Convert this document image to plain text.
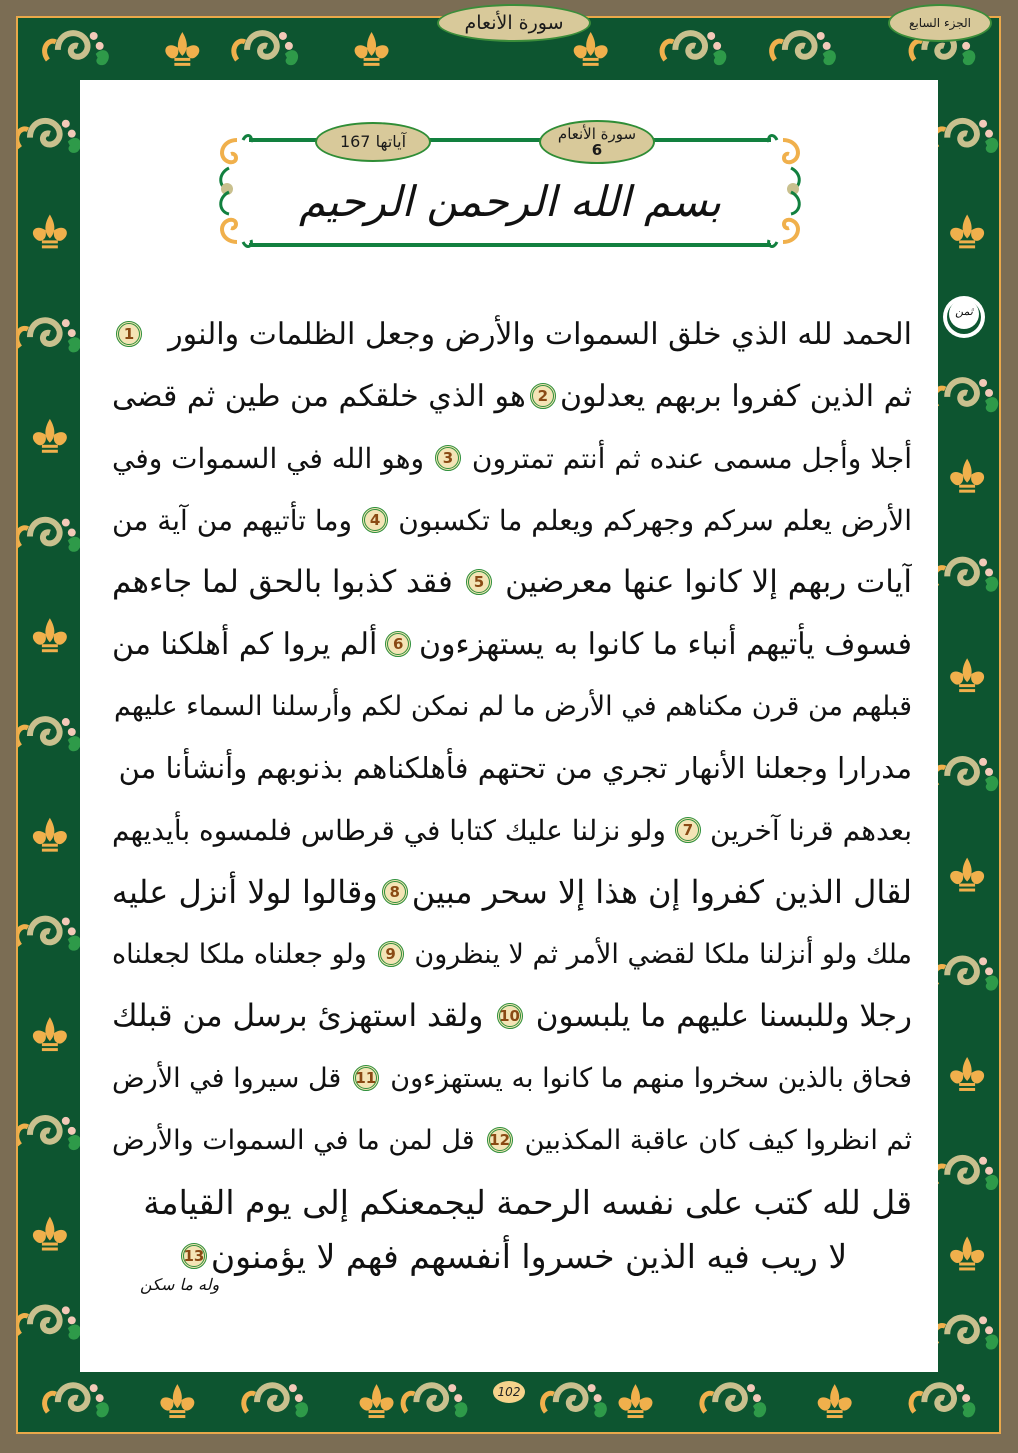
سورة الأنعام	الجزء السابع
آياتها 167	سورة الأنعام
6
بسم الله الرحمن الرحيم
ثمن
الحمد لله الذي خلق السموات والأرض وجعل الظلمات والنور
1
ثم الذين كفروا بربهم يعدلون
2
هو الذي خلقكم من طين ثم قضى
أجلا وأجل مسمى عنده ثم أنتم تمترون
3
وهو الله في السموات وفي
الأرض يعلم سركم وجهركم ويعلم ما تكسبون
4
وما تأتيهم من آية من
آيات ربهم إلا كانوا عنها معرضين
5
فقد كذبوا بالحق لما جاءهم
فسوف يأتيهم أنباء ما كانوا به يستهزءون
6
ألم يروا كم أهلكنا من
قبلهم من قرن مكناهم في الأرض ما لم نمكن لكم وأرسلنا السماء عليهم
مدرارا وجعلنا الأنهار تجري من تحتهم فأهلكناهم بذنوبهم وأنشأنا من
بعدهم قرنا آخرين
7
ولو نزلنا عليك كتابا في قرطاس فلمسوه بأيديهم
لقال الذين كفروا إن هذا إلا سحر مبين
8
وقالوا لولا أنزل عليه
ملك ولو أنزلنا ملكا لقضي الأمر ثم لا ينظرون
9
ولو جعلناه ملكا لجعلناه
رجلا وللبسنا عليهم ما يلبسون
10
ولقد استهزئ برسل من قبلك
فحاق بالذين سخروا منهم ما كانوا به يستهزءون
11
قل سيروا في الأرض
ثم انظروا كيف كان عاقبة المكذبين
12
قل لمن ما في السموات والأرض
قل لله كتب على نفسه الرحمة ليجمعنكم إلى يوم القيامة
لا ريب فيه الذين خسروا أنفسهم فهم لا يؤمنون
13
وله ما سكن
102
